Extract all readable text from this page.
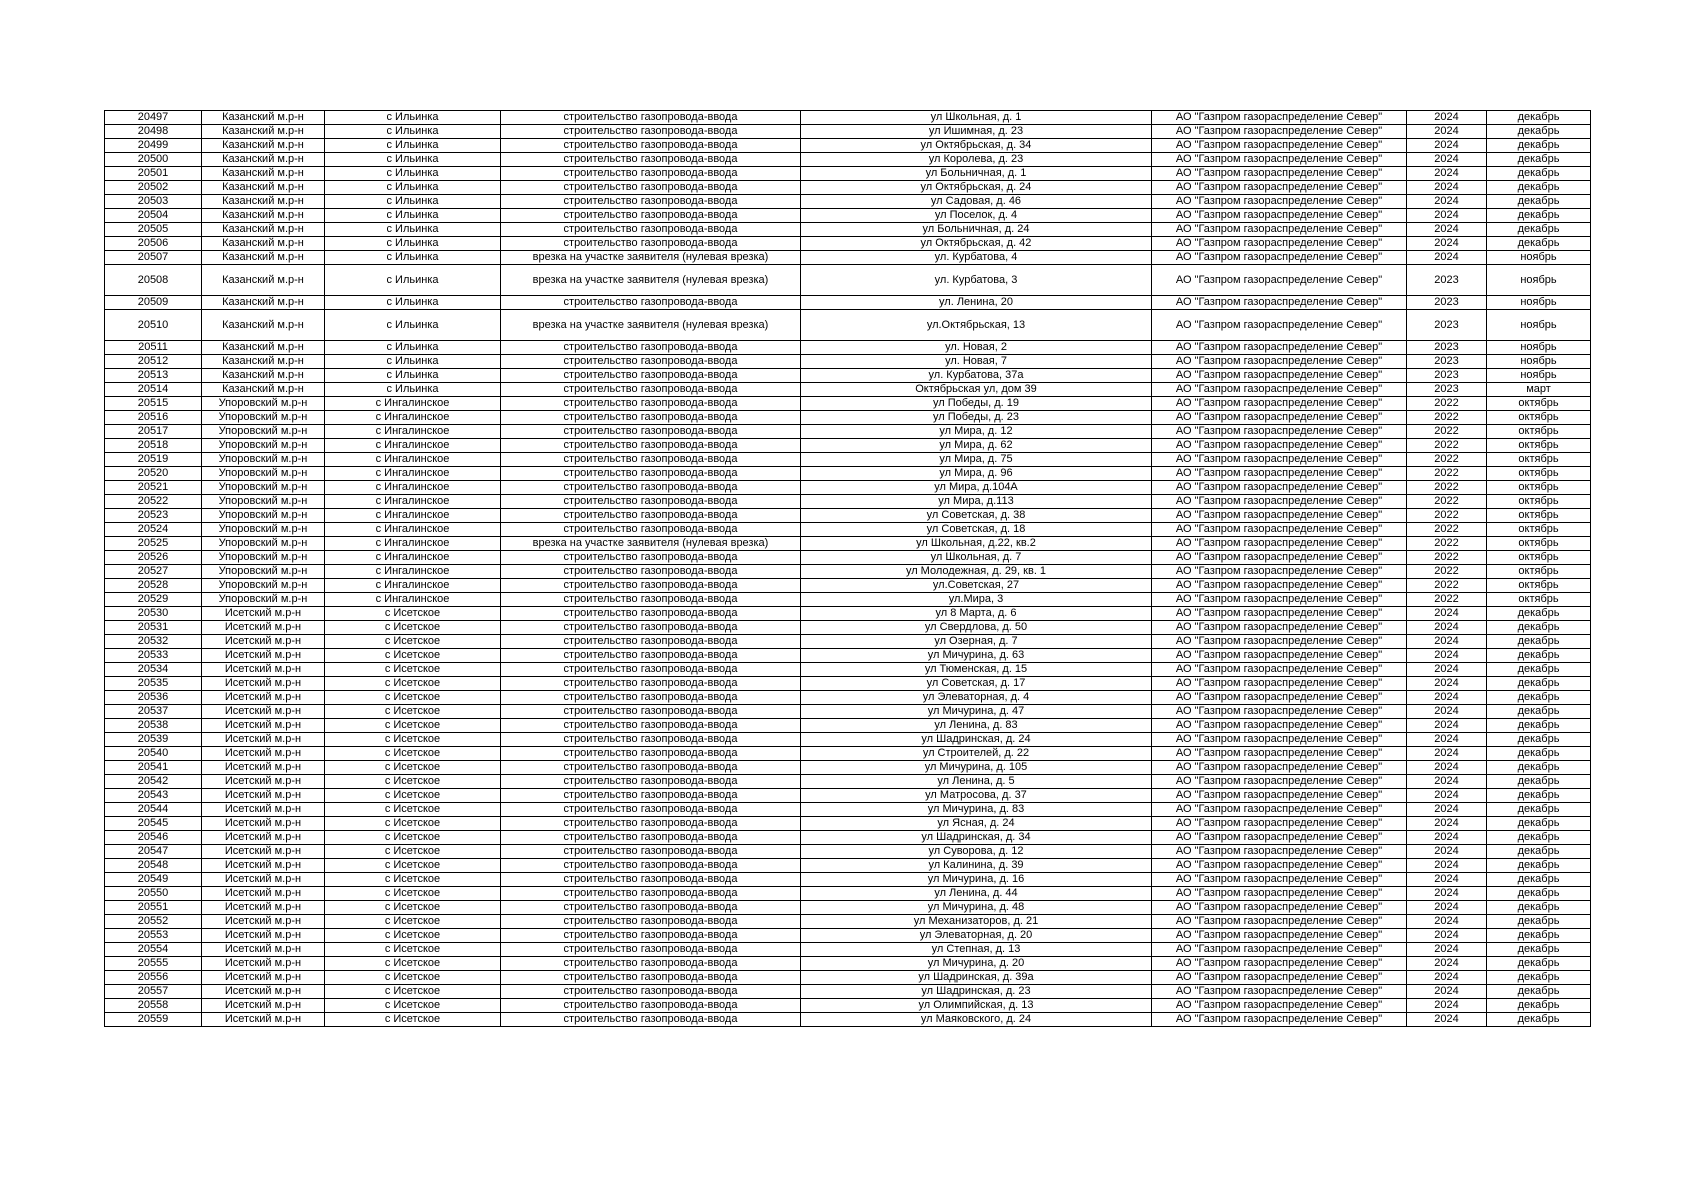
20497	Казанский м.р-н	с Ильинка	строительство газопровода-ввода	ул Школьная, д. 1	АО "Газпром газораспределение Север"	2024	декабрь
20498	Казанский м.р-н	с Ильинка	строительство газопровода-ввода	ул Ишимная, д. 23	АО "Газпром газораспределение Север"	2024	декабрь
20499	Казанский м.р-н	с Ильинка	строительство газопровода-ввода	ул Октябрьская, д. 34	АО "Газпром газораспределение Север"	2024	декабрь
20500	Казанский м.р-н	с Ильинка	строительство газопровода-ввода	ул Королева, д. 23	АО "Газпром газораспределение Север"	2024	декабрь
20501	Казанский м.р-н	с Ильинка	строительство газопровода-ввода	ул Больничная, д. 1	АО "Газпром газораспределение Север"	2024	декабрь
20502	Казанский м.р-н	с Ильинка	строительство газопровода-ввода	ул Октябрьская, д. 24	АО "Газпром газораспределение Север"	2024	декабрь
20503	Казанский м.р-н	с Ильинка	строительство газопровода-ввода	ул Садовая, д. 46	АО "Газпром газораспределение Север"	2024	декабрь
20504	Казанский м.р-н	с Ильинка	строительство газопровода-ввода	ул Поселок, д. 4	АО "Газпром газораспределение Север"	2024	декабрь
20505	Казанский м.р-н	с Ильинка	строительство газопровода-ввода	ул Больничная, д. 24	АО "Газпром газораспределение Север"	2024	декабрь
20506	Казанский м.р-н	с Ильинка	строительство газопровода-ввода	ул Октябрьская, д. 42	АО "Газпром газораспределение Север"	2024	декабрь
20507	Казанский м.р-н	с Ильинка	врезка на участке заявителя (нулевая врезка)	ул. Курбатова, 4	АО "Газпром газораспределение Север"	2024	ноябрь
20508	Казанский м.р-н	с Ильинка	врезка на участке заявителя (нулевая врезка)	ул. Курбатова, 3	АО "Газпром газораспределение Север"	2023	ноябрь
20509	Казанский м.р-н	с Ильинка	строительство газопровода-ввода	ул. Ленина, 20	АО "Газпром газораспределение Север"	2023	ноябрь
20510	Казанский м.р-н	с Ильинка	врезка на участке заявителя (нулевая врезка)	ул.Октябрьская, 13	АО "Газпром газораспределение Север"	2023	ноябрь
20511	Казанский м.р-н	с Ильинка	строительство газопровода-ввода	ул. Новая, 2	АО "Газпром газораспределение Север"	2023	ноябрь
20512	Казанский м.р-н	с Ильинка	строительство газопровода-ввода	ул. Новая, 7	АО "Газпром газораспределение Север"	2023	ноябрь
20513	Казанский м.р-н	с Ильинка	строительство газопровода-ввода	ул. Курбатова, 37а	АО "Газпром газораспределение Север"	2023	ноябрь
20514	Казанский м.р-н	с Ильинка	строительство газопровода-ввода	Октябрьская ул, дом 39	АО "Газпром газораспределение Север"	2023	март
20515	Упоровский м.р-н	с Ингалинское	строительство газопровода-ввода	ул Победы, д. 19	АО "Газпром газораспределение Север"	2022	октябрь
20516	Упоровский м.р-н	с Ингалинское	строительство газопровода-ввода	ул Победы, д. 23	АО "Газпром газораспределение Север"	2022	октябрь
20517	Упоровский м.р-н	с Ингалинское	строительство газопровода-ввода	ул Мира, д. 12	АО "Газпром газораспределение Север"	2022	октябрь
20518	Упоровский м.р-н	с Ингалинское	строительство газопровода-ввода	ул Мира, д. 62	АО "Газпром газораспределение Север"	2022	октябрь
20519	Упоровский м.р-н	с Ингалинское	строительство газопровода-ввода	ул Мира, д. 75	АО "Газпром газораспределение Север"	2022	октябрь
20520	Упоровский м.р-н	с Ингалинское	строительство газопровода-ввода	ул Мира, д. 96	АО "Газпром газораспределение Север"	2022	октябрь
20521	Упоровский м.р-н	с Ингалинское	строительство газопровода-ввода	ул Мира, д.104А	АО "Газпром газораспределение Север"	2022	октябрь
20522	Упоровский м.р-н	с Ингалинское	строительство газопровода-ввода	ул Мира, д.113	АО "Газпром газораспределение Север"	2022	октябрь
20523	Упоровский м.р-н	с Ингалинское	строительство газопровода-ввода	ул Советская, д. 38	АО "Газпром газораспределение Север"	2022	октябрь
20524	Упоровский м.р-н	с Ингалинское	строительство газопровода-ввода	ул Советская, д. 18	АО "Газпром газораспределение Север"	2022	октябрь
20525	Упоровский м.р-н	с Ингалинское	врезка на участке заявителя (нулевая врезка)	ул Школьная, д.22, кв.2	АО "Газпром газораспределение Север"	2022	октябрь
20526	Упоровский м.р-н	с Ингалинское	строительство газопровода-ввода	ул Школьная, д. 7	АО "Газпром газораспределение Север"	2022	октябрь
20527	Упоровский м.р-н	с Ингалинское	строительство газопровода-ввода	ул Молодежная, д. 29, кв. 1	АО "Газпром газораспределение Север"	2022	октябрь
20528	Упоровский м.р-н	с Ингалинское	строительство газопровода-ввода	ул.Советская, 27	АО "Газпром газораспределение Север"	2022	октябрь
20529	Упоровский м.р-н	с Ингалинское	строительство газопровода-ввода	ул.Мира, 3	АО "Газпром газораспределение Север"	2022	октябрь
20530	Исетский м.р-н	с Исетское	строительство газопровода-ввода	ул 8 Марта, д. 6	АО "Газпром газораспределение Север"	2024	декабрь
20531	Исетский м.р-н	с Исетское	строительство газопровода-ввода	ул Свердлова, д. 50	АО "Газпром газораспределение Север"	2024	декабрь
20532	Исетский м.р-н	с Исетское	строительство газопровода-ввода	ул Озерная, д. 7	АО "Газпром газораспределение Север"	2024	декабрь
20533	Исетский м.р-н	с Исетское	строительство газопровода-ввода	ул Мичурина, д. 63	АО "Газпром газораспределение Север"	2024	декабрь
20534	Исетский м.р-н	с Исетское	строительство газопровода-ввода	ул Тюменская, д. 15	АО "Газпром газораспределение Север"	2024	декабрь
20535	Исетский м.р-н	с Исетское	строительство газопровода-ввода	ул Советская, д. 17	АО "Газпром газораспределение Север"	2024	декабрь
20536	Исетский м.р-н	с Исетское	строительство газопровода-ввода	ул Элеваторная, д. 4	АО "Газпром газораспределение Север"	2024	декабрь
20537	Исетский м.р-н	с Исетское	строительство газопровода-ввода	ул Мичурина, д. 47	АО "Газпром газораспределение Север"	2024	декабрь
20538	Исетский м.р-н	с Исетское	строительство газопровода-ввода	ул Ленина, д. 83	АО "Газпром газораспределение Север"	2024	декабрь
20539	Исетский м.р-н	с Исетское	строительство газопровода-ввода	ул Шадринская, д. 24	АО "Газпром газораспределение Север"	2024	декабрь
20540	Исетский м.р-н	с Исетское	строительство газопровода-ввода	ул Строителей, д. 22	АО "Газпром газораспределение Север"	2024	декабрь
20541	Исетский м.р-н	с Исетское	строительство газопровода-ввода	ул Мичурина, д. 105	АО "Газпром газораспределение Север"	2024	декабрь
20542	Исетский м.р-н	с Исетское	строительство газопровода-ввода	ул Ленина, д. 5	АО "Газпром газораспределение Север"	2024	декабрь
20543	Исетский м.р-н	с Исетское	строительство газопровода-ввода	ул Матросова, д. 37	АО "Газпром газораспределение Север"	2024	декабрь
20544	Исетский м.р-н	с Исетское	строительство газопровода-ввода	ул Мичурина, д. 83	АО "Газпром газораспределение Север"	2024	декабрь
20545	Исетский м.р-н	с Исетское	строительство газопровода-ввода	ул Ясная, д. 24	АО "Газпром газораспределение Север"	2024	декабрь
20546	Исетский м.р-н	с Исетское	строительство газопровода-ввода	ул Шадринская, д. 34	АО "Газпром газораспределение Север"	2024	декабрь
20547	Исетский м.р-н	с Исетское	строительство газопровода-ввода	ул Суворова, д. 12	АО "Газпром газораспределение Север"	2024	декабрь
20548	Исетский м.р-н	с Исетское	строительство газопровода-ввода	ул Калинина, д. 39	АО "Газпром газораспределение Север"	2024	декабрь
20549	Исетский м.р-н	с Исетское	строительство газопровода-ввода	ул Мичурина, д. 16	АО "Газпром газораспределение Север"	2024	декабрь
20550	Исетский м.р-н	с Исетское	строительство газопровода-ввода	ул Ленина, д. 44	АО "Газпром газораспределение Север"	2024	декабрь
20551	Исетский м.р-н	с Исетское	строительство газопровода-ввода	ул Мичурина, д. 48	АО "Газпром газораспределение Север"	2024	декабрь
20552	Исетский м.р-н	с Исетское	строительство газопровода-ввода	ул Механизаторов, д. 21	АО "Газпром газораспределение Север"	2024	декабрь
20553	Исетский м.р-н	с Исетское	строительство газопровода-ввода	ул Элеваторная, д. 20	АО "Газпром газораспределение Север"	2024	декабрь
20554	Исетский м.р-н	с Исетское	строительство газопровода-ввода	ул Степная, д. 13	АО "Газпром газораспределение Север"	2024	декабрь
20555	Исетский м.р-н	с Исетское	строительство газопровода-ввода	ул Мичурина, д. 20	АО "Газпром газораспределение Север"	2024	декабрь
20556	Исетский м.р-н	с Исетское	строительство газопровода-ввода	ул Шадринская, д. 39а	АО "Газпром газораспределение Север"	2024	декабрь
20557	Исетский м.р-н	с Исетское	строительство газопровода-ввода	ул Шадринская, д. 23	АО "Газпром газораспределение Север"	2024	декабрь
20558	Исетский м.р-н	с Исетское	строительство газопровода-ввода	ул Олимпийская, д. 13	АО "Газпром газораспределение Север"	2024	декабрь
20559	Исетский м.р-н	с Исетское	строительство газопровода-ввода	ул Маяковского, д. 24	АО "Газпром газораспределение Север"	2024	декабрь
